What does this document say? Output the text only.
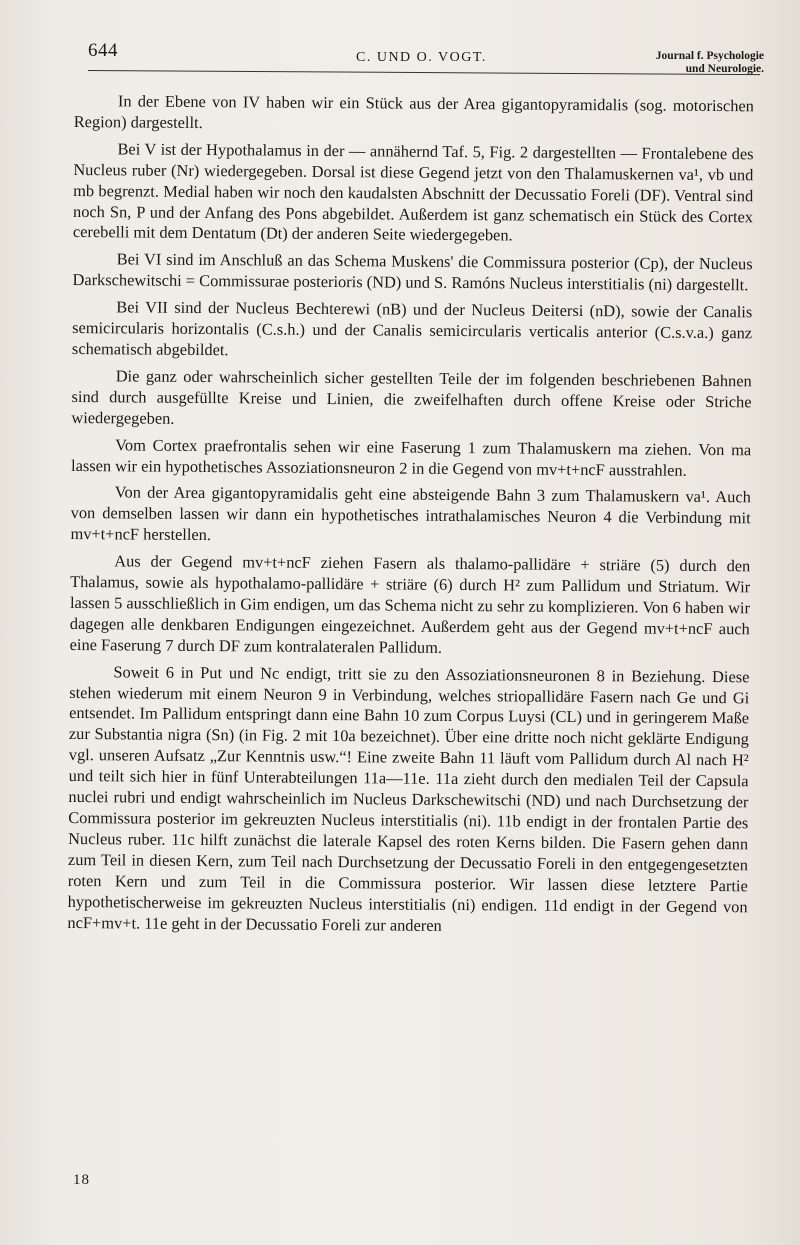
644	C. UND O. VOGT.	Journal f. Psychologie
und Neurologie.

In der Ebene von IV haben wir ein Stück aus der Area gigantopyramidalis (sog. motorischen Region) dargestellt.

Bei V ist der Hypothalamus in der — annähernd Taf. 5, Fig. 2 dargestellten — Frontalebene des Nucleus ruber (Nr) wiedergegeben. Dorsal ist diese Gegend jetzt von den Thalamuskernen va¹, vb und mb begrenzt. Medial haben wir noch den kaudalsten Abschnitt der Decussatio Foreli (DF). Ventral sind noch Sn, P und der Anfang des Pons abgebildet. Außerdem ist ganz schematisch ein Stück des Cortex cerebelli mit dem Dentatum (Dt) der anderen Seite wiedergegeben.

Bei VI sind im Anschluß an das Schema Muskens' die Commissura posterior (Cp), der Nucleus Darkschewitschi = Commissurae posterioris (ND) und S. Ramóns Nucleus interstitialis (ni) dargestellt.

Bei VII sind der Nucleus Bechterewi (nB) und der Nucleus Deitersi (nD), sowie der Canalis semicircularis horizontalis (C.s.h.) und der Canalis semicircularis verticalis anterior (C.s.v.a.) ganz schematisch abgebildet.

Die ganz oder wahrscheinlich sicher gestellten Teile der im folgenden beschriebenen Bahnen sind durch ausgefüllte Kreise und Linien, die zweifelhaften durch offene Kreise oder Striche wiedergegeben.

Vom Cortex praefrontalis sehen wir eine Faserung 1 zum Thalamuskern ma ziehen. Von ma lassen wir ein hypothetisches Assoziationsneuron 2 in die Gegend von mv+t+ncF ausstrahlen.

Von der Area gigantopyramidalis geht eine absteigende Bahn 3 zum Thalamuskern va¹. Auch von demselben lassen wir dann ein hypothetisches intrathalamisches Neuron 4 die Verbindung mit mv+t+ncF herstellen.

Aus der Gegend mv+t+ncF ziehen Fasern als thalamo-pallidäre + striäre (5) durch den Thalamus, sowie als hypothalamo-pallidäre + striäre (6) durch H² zum Pallidum und Striatum. Wir lassen 5 ausschließlich in Gim endigen, um das Schema nicht zu sehr zu komplizieren. Von 6 haben wir dagegen alle denkbaren Endigungen eingezeichnet. Außerdem geht aus der Gegend mv+t+ncF auch eine Faserung 7 durch DF zum kontralateralen Pallidum.

Soweit 6 in Put und Nc endigt, tritt sie zu den Assoziationsneuronen 8 in Beziehung. Diese stehen wiederum mit einem Neuron 9 in Verbindung, welches striopallidäre Fasern nach Ge und Gi entsendet. Im Pallidum entspringt dann eine Bahn 10 zum Corpus Luysi (CL) und in geringerem Maße zur Substantia nigra (Sn) (in Fig. 2 mit 10a bezeichnet). Über eine dritte noch nicht geklärte Endigung vgl. unseren Aufsatz „Zur Kenntnis usw.“! Eine zweite Bahn 11 läuft vom Pallidum durch Al nach H² und teilt sich hier in fünf Unterabteilungen 11a—11e. 11a zieht durch den medialen Teil der Capsula nuclei rubri und endigt wahrscheinlich im Nucleus Darkschewitschi (ND) und nach Durchsetzung der Commissura posterior im gekreuzten Nucleus interstitialis (ni). 11b endigt in der frontalen Partie des Nucleus ruber. 11c hilft zunächst die laterale Kapsel des roten Kerns bilden. Die Fasern gehen dann zum Teil in diesen Kern, zum Teil nach Durchsetzung der Decussatio Foreli in den entgegengesetzten roten Kern und zum Teil in die Commissura posterior. Wir lassen diese letztere Partie hypothetischerweise im gekreuzten Nucleus interstitialis (ni) endigen. 11d endigt in der Gegend von ncF+mv+t. 11e geht in der Decussatio Foreli zur anderen

18
